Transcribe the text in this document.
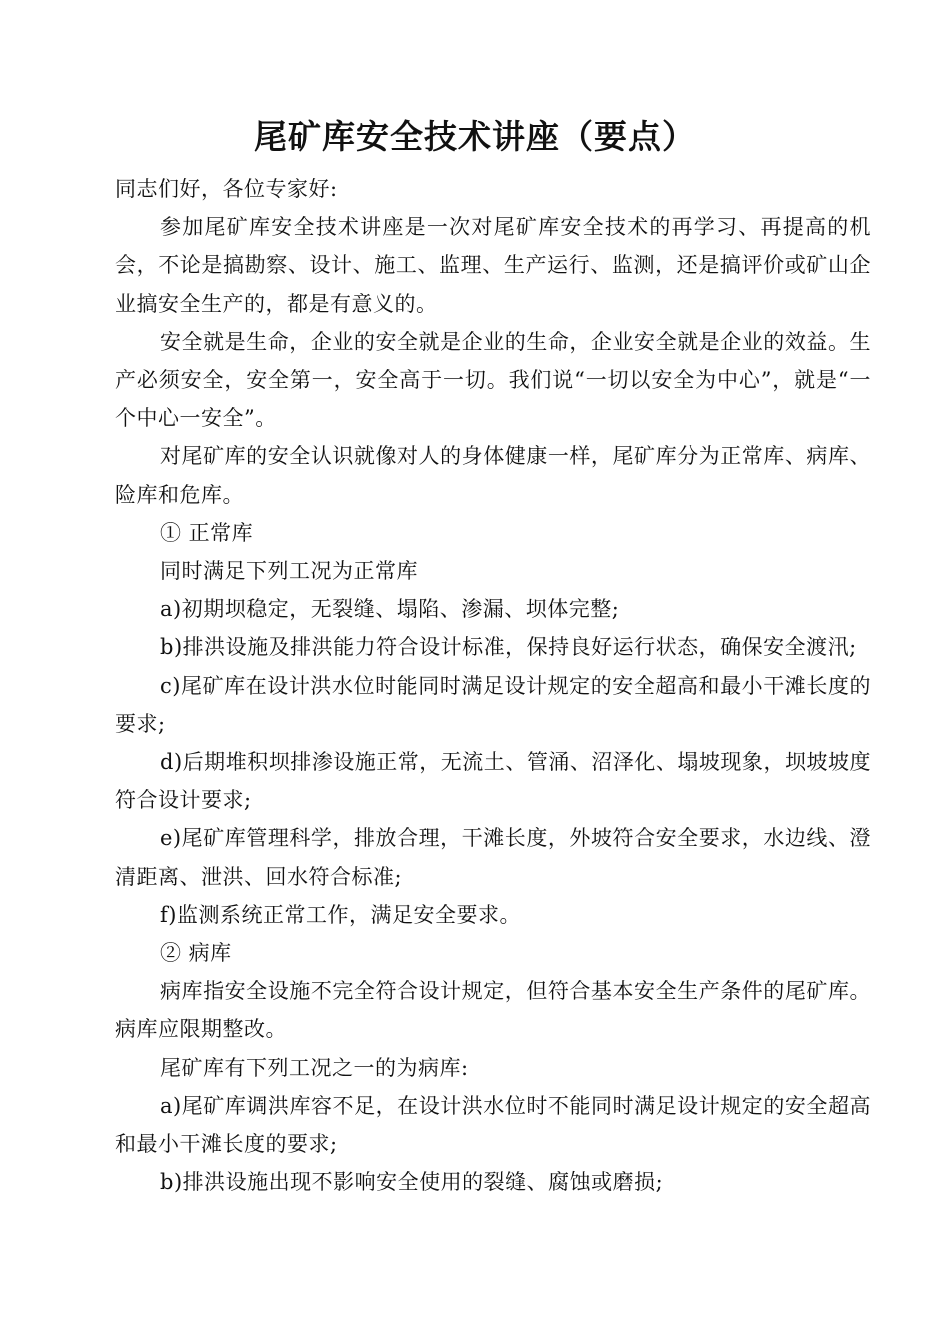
尾矿库安全技术讲座（要点）

同志们好，各位专家好:

参加尾矿库安全技术讲座是一次对尾矿库安全技术的再学习、再提高的机会，不论是搞勘察、设计、施工、监理、生产运行、监测，还是搞评价或矿山企业搞安全生产的，都是有意义的。

安全就是生命，企业的安全就是企业的生命，企业安全就是企业的效益。生产必须安全，安全第一，安全高于一切。我们说“一切以安全为中心”，就是“一个中心一安全”。

对尾矿库的安全认识就像对人的身体健康一样，尾矿库分为正常库、病库、险库和危库。

① 正常库

同时满足下列工况为正常库

a)初期坝稳定，无裂缝、塌陷、渗漏、坝体完整;

b)排洪设施及排洪能力符合设计标准，保持良好运行状态，确保安全渡汛;

c)尾矿库在设计洪水位时能同时满足设计规定的安全超高和最小干滩长度的要求;

d)后期堆积坝排渗设施正常，无流土、管涌、沼泽化、塌坡现象，坝坡坡度符合设计要求;

e)尾矿库管理科学，排放合理，干滩长度，外坡符合安全要求，水边线、澄清距离、泄洪、回水符合标准;

f)监测系统正常工作，满足安全要求。

② 病库

病库指安全设施不完全符合设计规定，但符合基本安全生产条件的尾矿库。病库应限期整改。

尾矿库有下列工况之一的为病库:

a)尾矿库调洪库容不足，在设计洪水位时不能同时满足设计规定的安全超高和最小干滩长度的要求;

b)排洪设施出现不影响安全使用的裂缝、腐蚀或磨损;
